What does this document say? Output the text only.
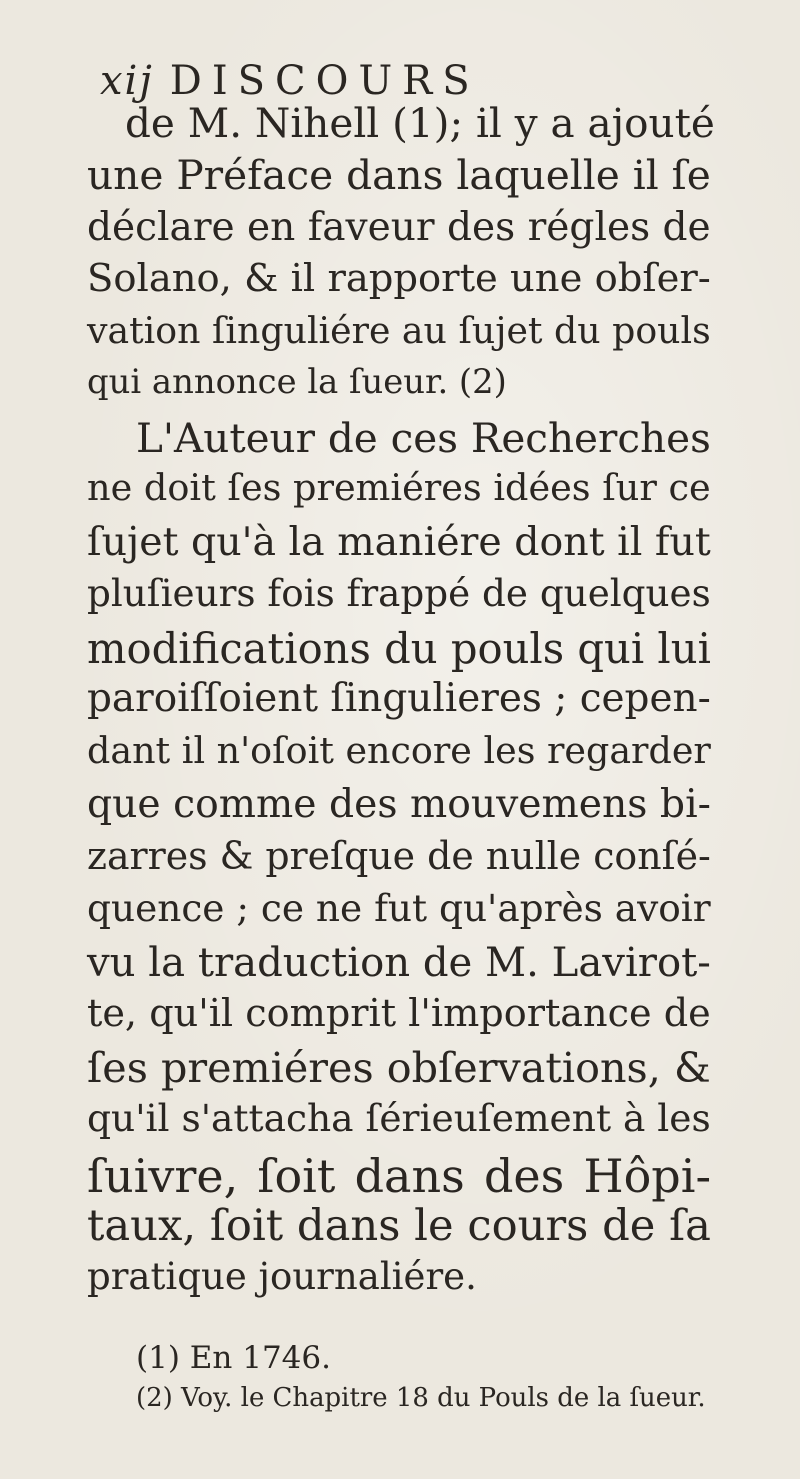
xij DISCOURS
de M. Nihell (1); il y a ajouté
une Préface dans laquelle il ſe
déclare en faveur des régles de
Solano, & il rapporte une obſer-
vation ſinguliére au ſujet du pouls
qui annonce la ſueur. (2)
L'Auteur de ces Recherches
ne doit ſes premiéres idées ſur ce
ſujet qu'à la maniére dont il fut
pluſieurs fois frappé de quelques
modifications du pouls qui lui
paroiſſoient ſingulieres ; cepen-
dant il n'oſoit encore les regarder
que comme des mouvemens bi-
zarres & preſque de nulle conſé-
quence ; ce ne fut qu'après avoir
vu la traduction de M. Lavirot-
te, qu'il comprit l'importance de
ſes premiéres obſervations, &
qu'il s'attacha ſérieuſement à les
ſuivre, ſoit dans des Hôpi-
taux, ſoit dans le cours de ſa
pratique journaliére.
(1) En 1746.
(2) Voy. le Chapitre 18 du Pouls de la ſueur.
